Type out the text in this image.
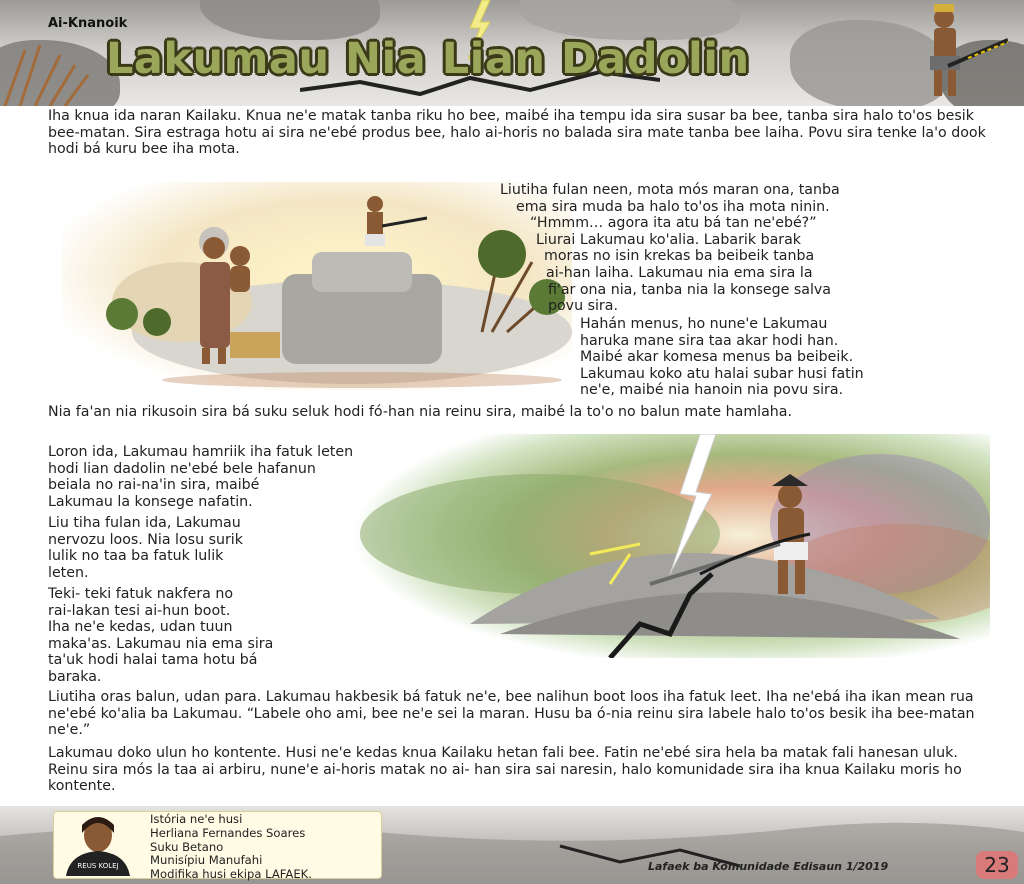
Ai-Knanoik
Lakumau Nia Lian Dadolin

Iha knua ida naran Kailaku. Knua ne'e matak tanba riku ho bee, maibé iha tempu ida sira susar ba bee, tanba sira halo to'os besik bee-matan. Sira estraga hotu ai sira ne'ebé produs bee, halo ai-horis no balada sira mate tanba bee laiha. Povu sira tenke la'o dook hodi bá kuru bee iha mota.

Liutiha fulan neen, mota mós maran ona, tanba
ema sira muda ba halo to'os iha mota ninin.
“Hmmm… agora ita atu bá tan ne'ebé?”
Liurai Lakumau ko'alia. Labarik barak
moras no isin krekas ba beibeik tanba
ai-han laiha. Lakumau nia ema sira la
fi'ar ona nia, tanba nia la konsege salva
povu sira.
Hahán menus, ho nune'e Lakumau
haruka mane sira taa akar hodi han.
Maibé akar komesa menus ba beibeik.
Lakumau koko atu halai subar husi fatin
ne'e, maibé nia hanoin nia povu sira.

Nia fa'an nia rikusoin sira bá suku seluk hodi fó-han nia reinu sira, maibé la to'o no balun mate hamlaha.

Loron ida, Lakumau hamriik iha fatuk leten
hodi lian dadolin ne'ebé bele hafanun
beiala no rai-na'in sira, maibé
Lakumau la konsege nafatin.
Liu tiha fulan ida, Lakumau
nervozu loos. Nia losu surik
lulik no taa ba fatuk lulik
leten.
Teki- teki fatuk nakfera no
rai-lakan tesi ai-hun boot.
Iha ne'e kedas, udan tuun
maka'as. Lakumau nia ema sira
ta'uk hodi halai tama hotu bá
baraka.

Liutiha oras balun, udan para. Lakumau hakbesik bá fatuk ne'e, bee nalihun boot loos iha fatuk leet. Iha ne'ebá iha ikan mean rua ne'ebé ko'alia ba Lakumau. “Labele oho ami, bee ne'e sei la maran. Husu ba ó-nia reinu sira labele halo to'os besik iha bee-matan ne'e.”

Lakumau doko ulun ho kontente. Husi ne'e kedas knua Kailaku hetan fali bee. Fatin ne'ebé sira hela ba matak fali hanesan uluk. Reinu sira mós la taa ai arbiru, nune'e ai-horis matak no ai- han sira sai naresin, halo komunidade sira iha knua Kailaku moris ho kontente.

REUS KOLEJ
Istória ne'e husi
Herliana Fernandes Soares
Suku Betano
Munisípiu Manufahi
Modifika husi ekipa LAFAEK.
Lafaek ba Komunidade Edisaun 1/2019	23
